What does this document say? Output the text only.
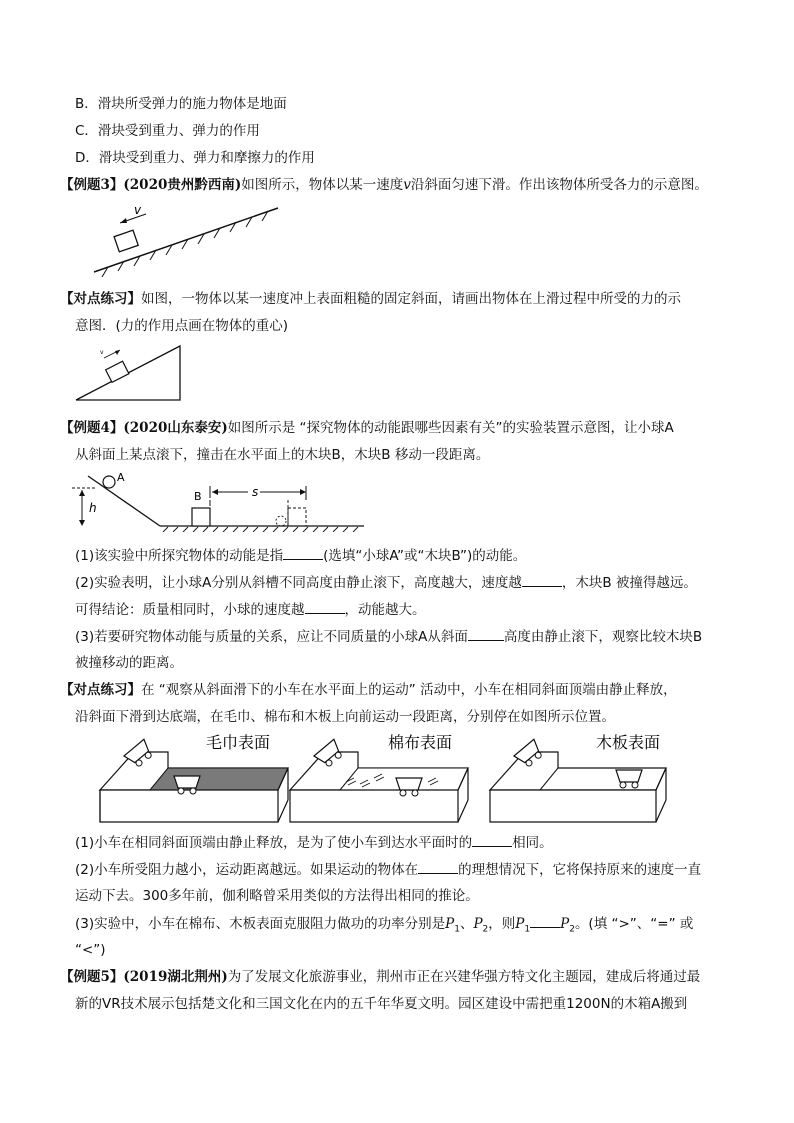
B．滑块所受弹力的施力物体是地面
C．滑块受到重力、弹力的作用
D．滑块受到重力、弹力和摩擦力的作用
【例题3】(2020贵州黔西南)如图所示，物体以某一速度v沿斜面匀速下滑。作出该物体所受各力的示意图。
v
【对点练习】如图，一物体以某一速度冲上表面粗糙的固定斜面，请画出物体在上滑过程中所受的力的示
意图．(力的作用点画在物体的重心)
v
【例题4】(2020山东泰安)如图所示是 “探究物体的动能跟哪些因素有关”的实验装置示意图，让小球A
从斜面上某点滚下，撞击在水平面上的木块B，木块B 移动一段距离。
h
A
B	s
(1)该实验中所探究物体的动能是指	(选填“小球A”或“木块B”)的动能。
(2)实验表明，让小球A分别从斜槽不同高度由静止滚下，高度越大，速度越	，木块B 被撞得越远。
可得结论：质量相同时，小球的速度越	，动能越大。
(3)若要研究物体动能与质量的关系，应让不同质量的小球A从斜面	高度由静止滚下，观察比较木块B
被撞移动的距离。
【对点练习】在 “观察从斜面滑下的小车在水平面上的运动” 活动中，小车在相同斜面顶端由静止释放，
沿斜面下滑到达底端，在毛巾、棉布和木板上向前运动一段距离，分别停在如图所示位置。
毛巾表面	棉布表面	木板表面
(1)小车在相同斜面顶端由静止释放，是为了使小车到达水平面时的	相同。
(2)小车所受阻力越小，运动距离越远。如果运动的物体在	的理想情况下，它将保持原来的速度一直
运动下去。300多年前，伽利略曾采用类似的方法得出相同的推论。
(3)实验中，小车在棉布、木板表面克服阻力做功的功率分别是$P_1$、$P_2$，则$P_1$ $P_2$。(填 “>”、“=” 或
“<”)
【例题5】(2019湖北荆州)为了发展文化旅游事业，荆州市正在兴建华强方特文化主题园，建成后将通过最
新的VR技术展示包括楚文化和三国文化在内的五千年华夏文明。园区建设中需把重1200N的木箱A搬到
